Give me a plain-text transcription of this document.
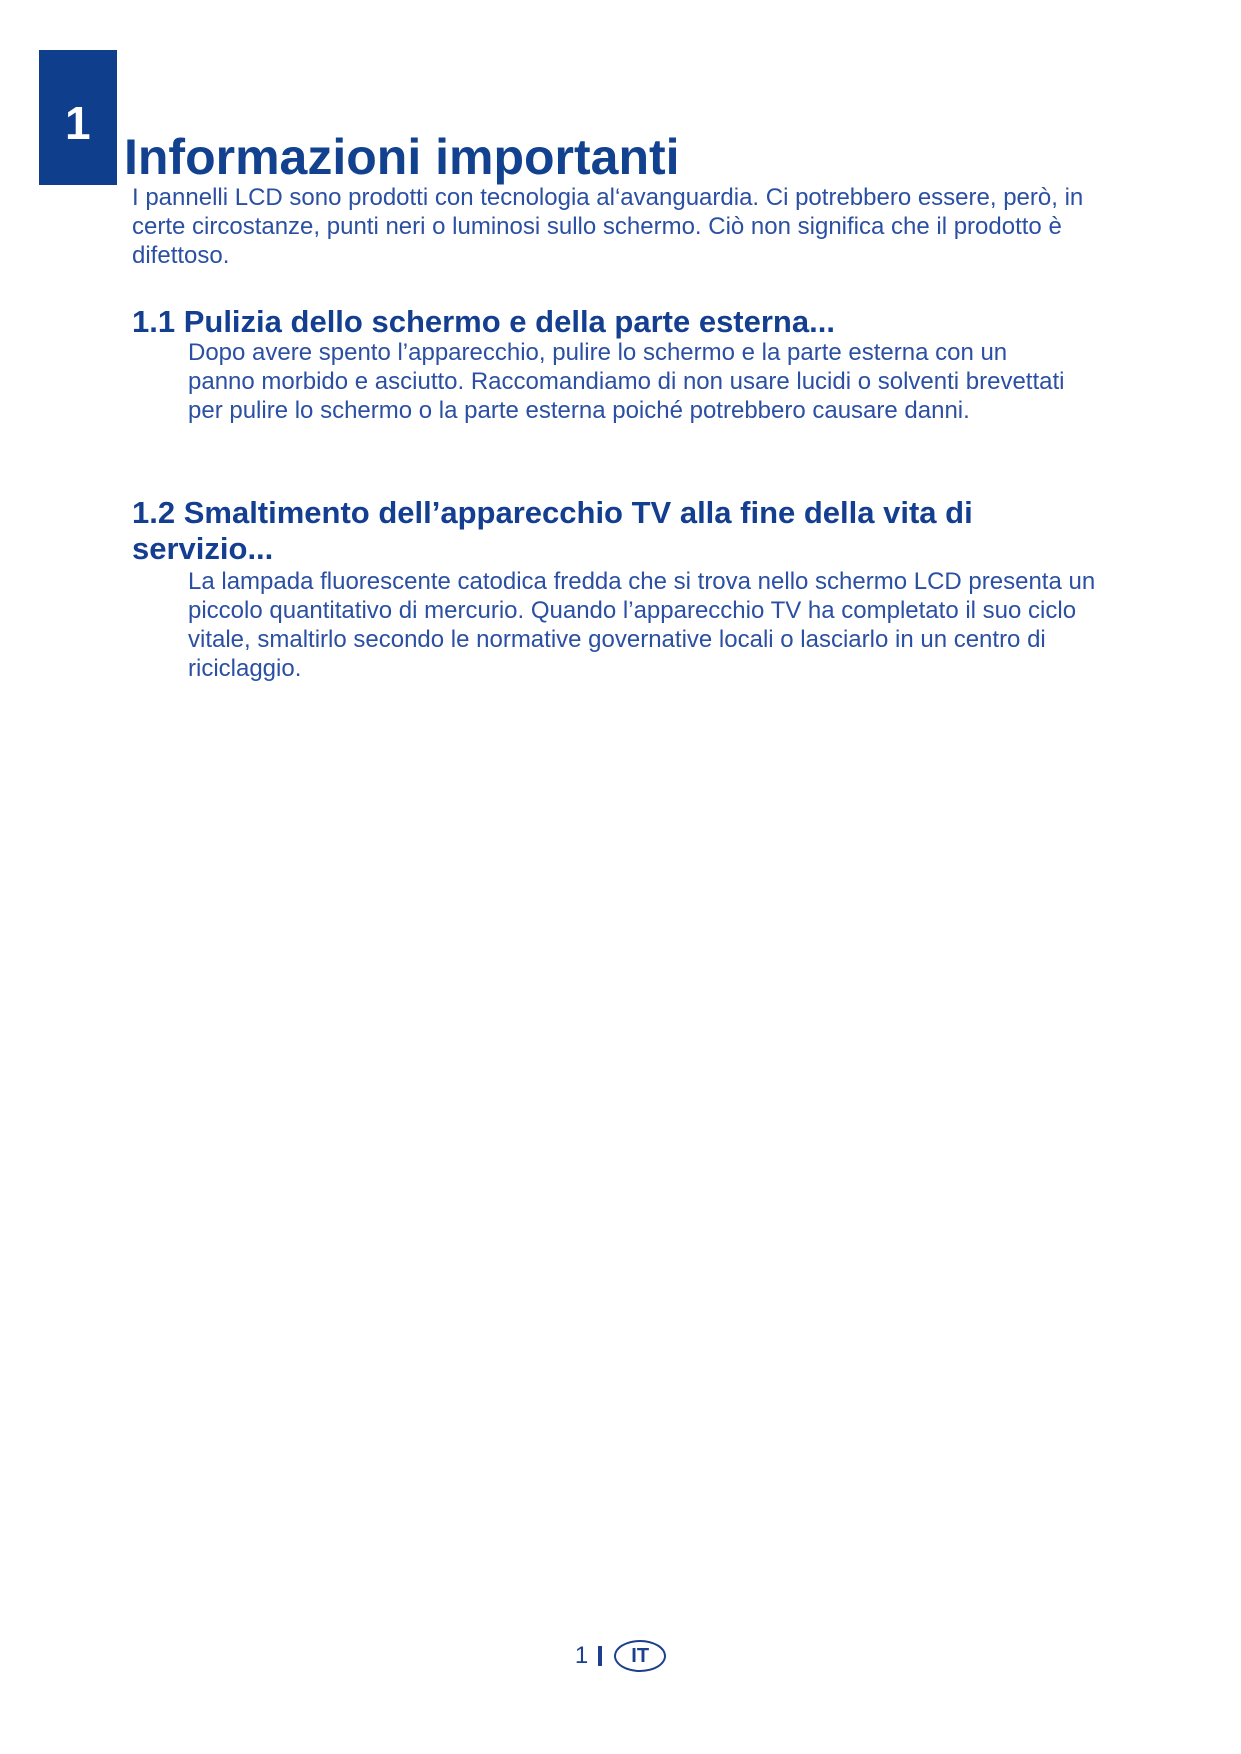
1
Informazioni importanti

I pannelli LCD sono prodotti con tecnologia al‘avanguardia. Ci potrebbero essere, però, in certe circostanze, punti neri o luminosi sullo schermo. Ciò non significa che il prodotto è difettoso.

1.1 Pulizia dello schermo e della parte esterna...

Dopo avere spento l’apparecchio, pulire lo schermo e la parte esterna con un panno morbido e asciutto. Raccomandiamo di non usare lucidi o solventi brevettati per pulire lo schermo o la parte esterna poiché potrebbero causare danni.

1.2 Smaltimento dell’apparecchio TV alla fine della vita di servizio...

La lampada fluorescente catodica fredda che si trova nello schermo LCD presenta un piccolo quantitativo di mercurio. Quando l’apparecchio TV ha completato il suo ciclo vitale, smaltirlo secondo le normative governative locali o lasciarlo in un centro di riciclaggio.

1 IT
